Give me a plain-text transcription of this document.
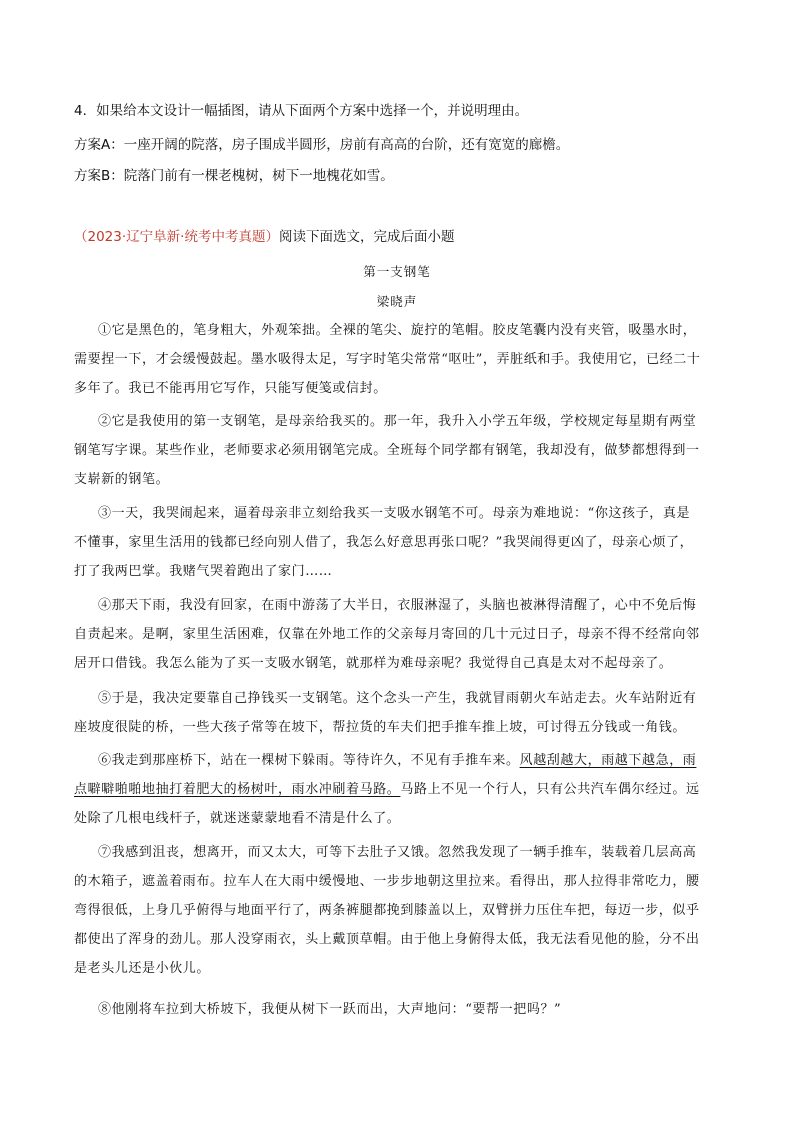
4．如果给本文设计一幅插图，请从下面两个方案中选择一个，并说明理由。
方案A：一座开阔的院落，房子围成半圆形，房前有高高的台阶，还有宽宽的廊檐。
方案B：院落门前有一棵老槐树，树下一地槐花如雪。
（2023·辽宁阜新·统考中考真题）阅读下面选文，完成后面小题
第一支钢笔
梁晓声
①它是黑色的，笔身粗大，外观笨拙。全裸的笔尖、旋拧的笔帽。胶皮笔囊内没有夹管，吸墨水时，
需要捏一下，才会缓慢鼓起。墨水吸得太足，写字时笔尖常常“呕吐”，弄脏纸和手。我使用它，已经二十
多年了。我已不能再用它写作，只能写便笺或信封。
②它是我使用的第一支钢笔，是母亲给我买的。那一年，我升入小学五年级，学校规定每星期有两堂
钢笔写字课。某些作业，老师要求必须用钢笔完成。全班每个同学都有钢笔，我却没有，做梦都想得到一
支崭新的钢笔。
③一天，我哭闹起来，逼着母亲非立刻给我买一支吸水钢笔不可。母亲为难地说：“你这孩子，真是
不懂事，家里生活用的钱都已经向别人借了，我怎么好意思再张口呢？”我哭闹得更凶了，母亲心烦了，
打了我两巴掌。我赌气哭着跑出了家门……
④那天下雨，我没有回家，在雨中游荡了大半日，衣服淋湿了，头脑也被淋得清醒了，心中不免后悔
自责起来。是啊，家里生活困难，仅靠在外地工作的父亲每月寄回的几十元过日子，母亲不得不经常向邻
居开口借钱。我怎么能为了买一支吸水钢笔，就那样为难母亲呢？我觉得自己真是太对不起母亲了。
⑤于是，我决定要靠自己挣钱买一支钢笔。这个念头一产生，我就冒雨朝火车站走去。火车站附近有
座坡度很陡的桥，一些大孩子常等在坡下，帮拉货的车夫们把手推车推上坡，可讨得五分钱或一角钱。
⑥我走到那座桥下，站在一棵树下躲雨。等待许久，不见有手推车来。风越刮越大，雨越下越急，雨
点噼噼啪啪地抽打着肥大的杨树叶，雨水冲刷着马路。马路上不见一个行人，只有公共汽车偶尔经过。远
处除了几根电线杆子，就迷迷蒙蒙地看不清是什么了。
⑦我感到沮丧，想离开，而又太大，可等下去肚子又饿。忽然我发现了一辆手推车，装载着几层高高
的木箱子，遮盖着雨布。拉车人在大雨中缓慢地、一步步地朝这里拉来。看得出，那人拉得非常吃力，腰
弯得很低，上身几乎俯得与地面平行了，两条裤腿都挽到膝盖以上，双臂拼力压住车把，每迈一步，似乎
都使出了浑身的劲儿。那人没穿雨衣，头上戴顶草帽。由于他上身俯得太低，我无法看见他的脸，分不出
是老头儿还是小伙儿。
⑧他刚将车拉到大桥坡下，我便从树下一跃而出，大声地问：“要帮一把吗？”
